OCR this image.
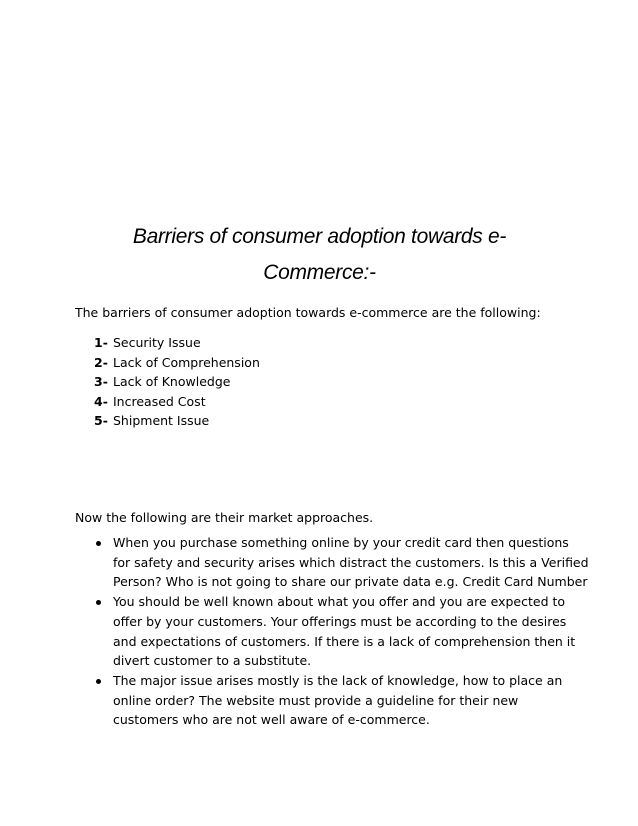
Barriers of consumer adoption towards e-
Commerce:-
The barriers of consumer adoption towards e-commerce are the following:
1- Security Issue
2- Lack of Comprehension
3- Lack of Knowledge
4- Increased Cost
5- Shipment Issue
Now the following are their market approaches.
When you purchase something online by your credit card then questions
for safety and security arises which distract the customers. Is this a Verified
Person? Who is not going to share our private data e.g. Credit Card Number
You should be well known about what you offer and you are expected to
offer by your customers. Your offerings must be according to the desires
and expectations of customers. If there is a lack of comprehension then it
divert customer to a substitute.
The major issue arises mostly is the lack of knowledge, how to place an
online order? The website must provide a guideline for their new
customers who are not well aware of e-commerce.
